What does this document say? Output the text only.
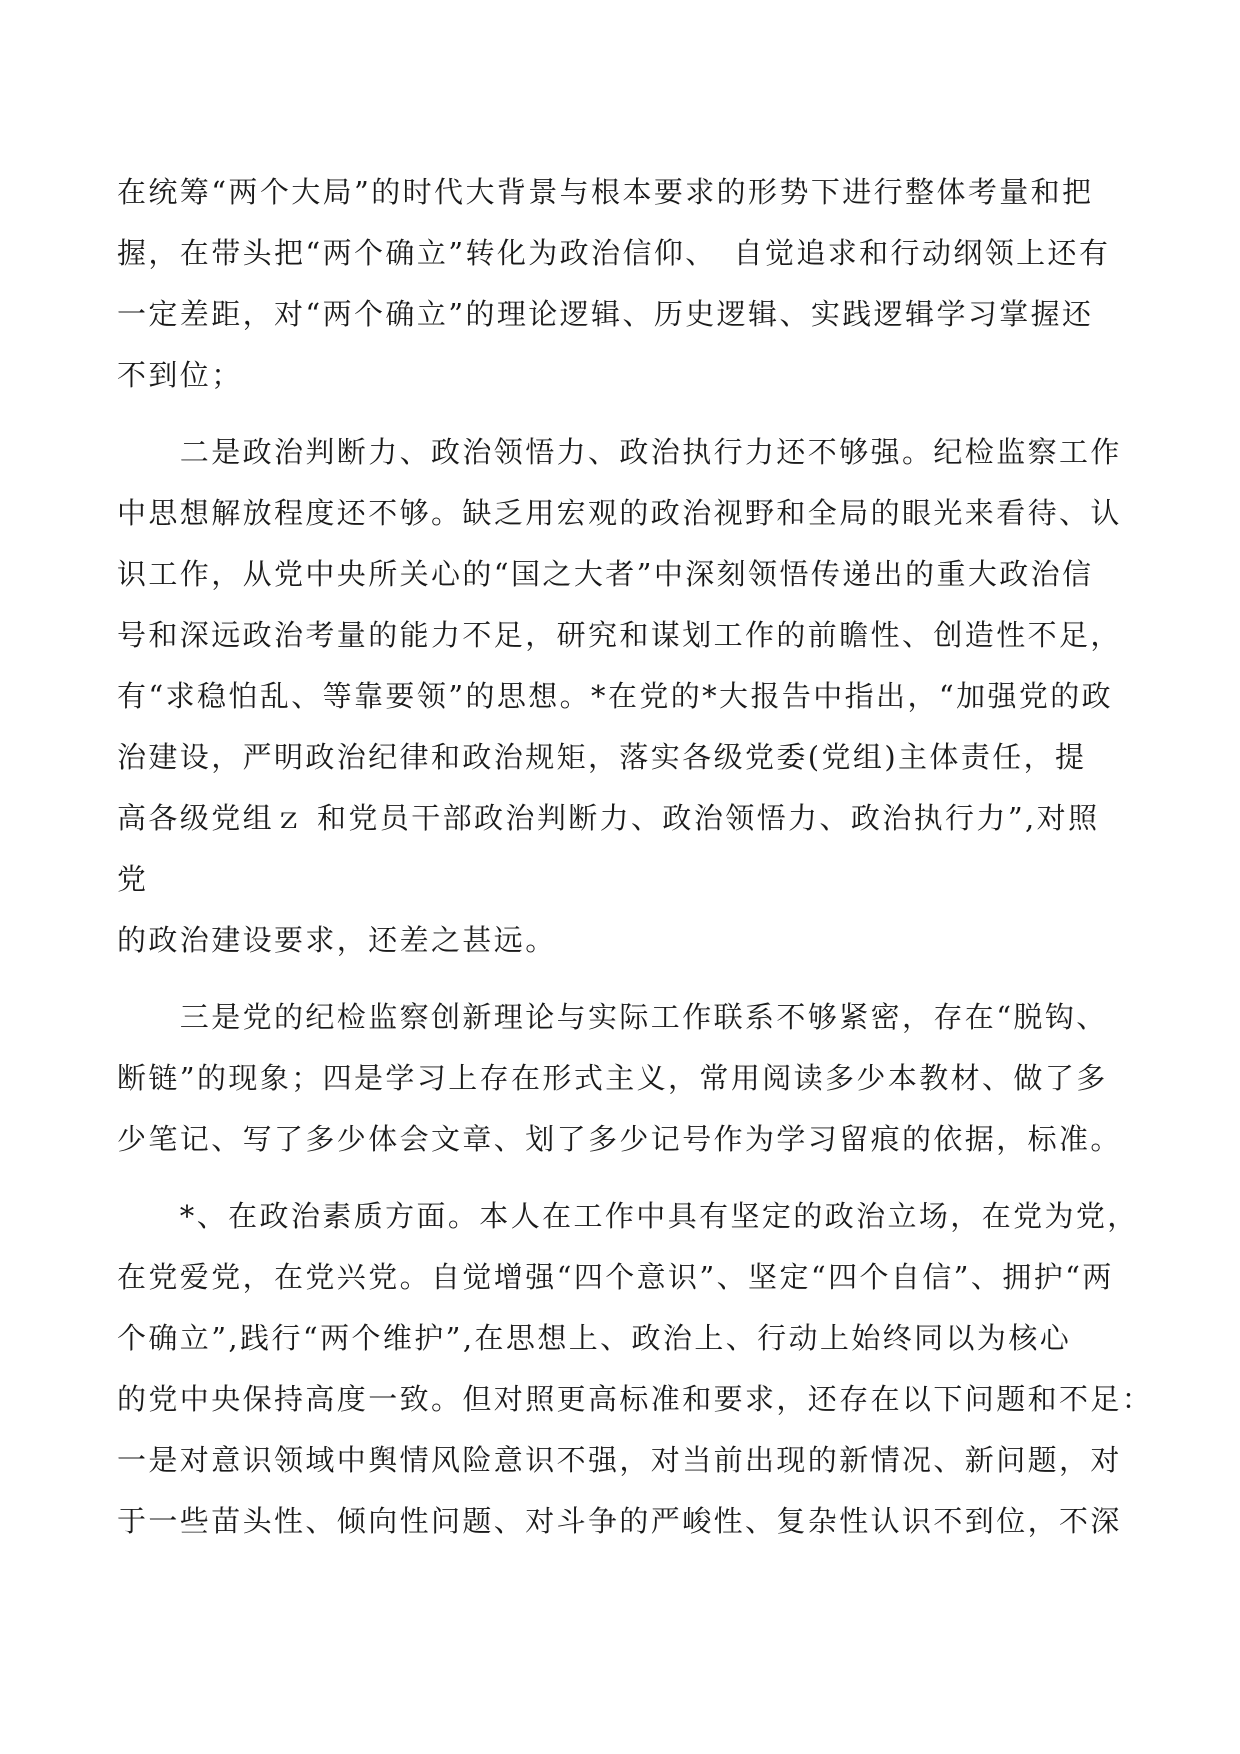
在统筹“两个大局”的时代大背景与根本要求的形势下进行整体考量和把
握，在带头把“两个确立”转化为政治信仰、　自觉追求和行动纲领上还有
一定差距，对“两个确立”的理论逻辑、历史逻辑、实践逻辑学习掌握还
不到位；
　　二是政治判断力、政治领悟力、政治执行力还不够强。纪检监察工作
中思想解放程度还不够。缺乏用宏观的政治视野和全局的眼光来看待、认
识工作，从党中央所关心的“国之大者”中深刻领悟传递出的重大政治信
号和深远政治考量的能力不足，研究和谋划工作的前瞻性、创造性不足，
有“求稳怕乱、等靠要领”的思想。*在党的*大报告中指出，“加强党的政
治建设，严明政治纪律和政治规矩，落实各级党委(党组)主体责任，提
高各级党组ｚ 和党员干部政治判断力、政治领悟力、政治执行力”,对照
党
的政治建设要求，还差之甚远。
　　三是党的纪检监察创新理论与实际工作联系不够紧密，存在“脱钩、
断链”的现象；四是学习上存在形式主义，常用阅读多少本教材、做了多
少笔记、写了多少体会文章、划了多少记号作为学习留痕的依据，标准。
　　*、在政治素质方面。本人在工作中具有坚定的政治立场，在党为党，
在党爱党，在党兴党。自觉增强“四个意识”、坚定“四个自信”、拥护“两
个确立”,践行“两个维护”,在思想上、政治上、行动上始终同以为核心
的党中央保持高度一致。但对照更高标准和要求，还存在以下问题和不足：
一是对意识领域中舆情风险意识不强，对当前出现的新情况、新问题，对
于一些苗头性、倾向性问题、对斗争的严峻性、复杂性认识不到位，不深
